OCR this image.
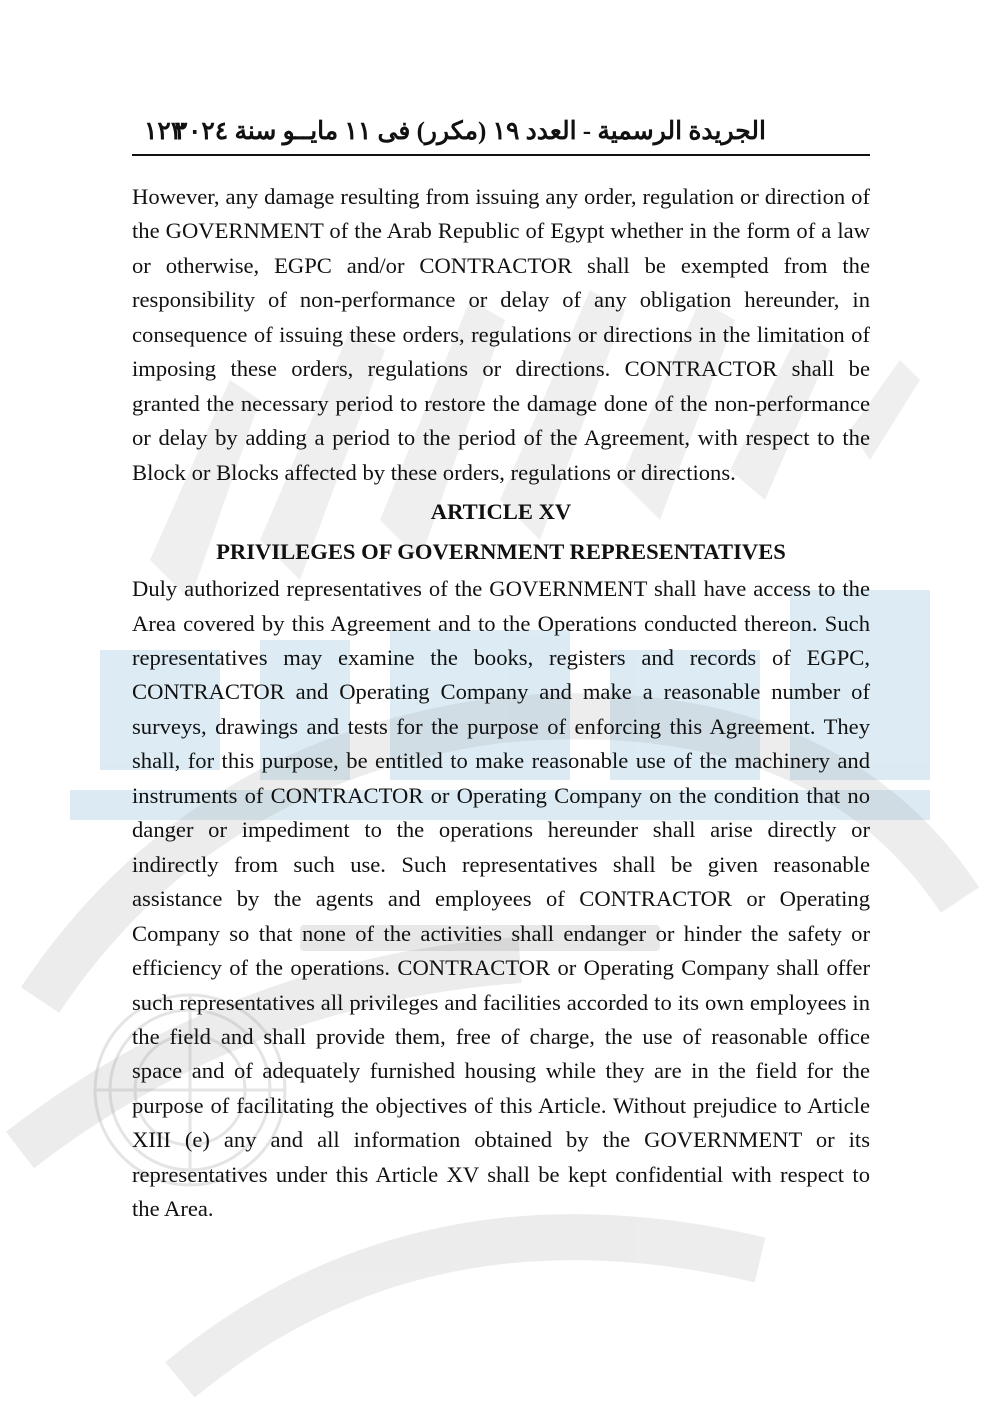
١٢٣
الجريدة الرسمية - العدد ١٩ (مكرر) فى ١١ مايــو سنة ٢٠٢٤

However, any damage resulting from issuing any order, regulation or direction of the GOVERNMENT of the Arab Republic of Egypt whether in the form of a law or otherwise, EGPC and/or CONTRACTOR shall be exempted from the responsibility of non-performance or delay of any obligation hereunder, in consequence of issuing these orders, regulations or directions in the limitation of imposing these orders, regulations or directions. CONTRACTOR shall be granted the necessary period to restore the damage done of the non-performance or delay by adding a period to the period of the Agreement, with respect to the Block or Blocks affected by these orders, regulations or directions.

ARTICLE XV
PRIVILEGES OF GOVERNMENT REPRESENTATIVES

Duly authorized representatives of the GOVERNMENT shall have access to the Area covered by this Agreement and to the Operations conducted thereon. Such representatives may examine the books, registers and records of EGPC, CONTRACTOR and Operating Company and make a reasonable number of surveys, drawings and tests for the purpose of enforcing this Agreement. They shall, for this purpose, be entitled to make reasonable use of the machinery and instruments of CONTRACTOR or Operating Company on the condition that no danger or impediment to the operations hereunder shall arise directly or indirectly from such use. Such representatives shall be given reasonable assistance by the agents and employees of CONTRACTOR or Operating Company so that none of the activities shall endanger or hinder the safety or efficiency of the operations. CONTRACTOR or Operating Company shall offer such representatives all privileges and facilities accorded to its own employees in the field and shall provide them, free of charge, the use of reasonable office space and of adequately furnished housing while they are in the field for the purpose of facilitating the objectives of this Article. Without prejudice to Article XIII (e) any and all information obtained by the GOVERNMENT or its representatives under this Article XV shall be kept confidential with respect to the Area.
